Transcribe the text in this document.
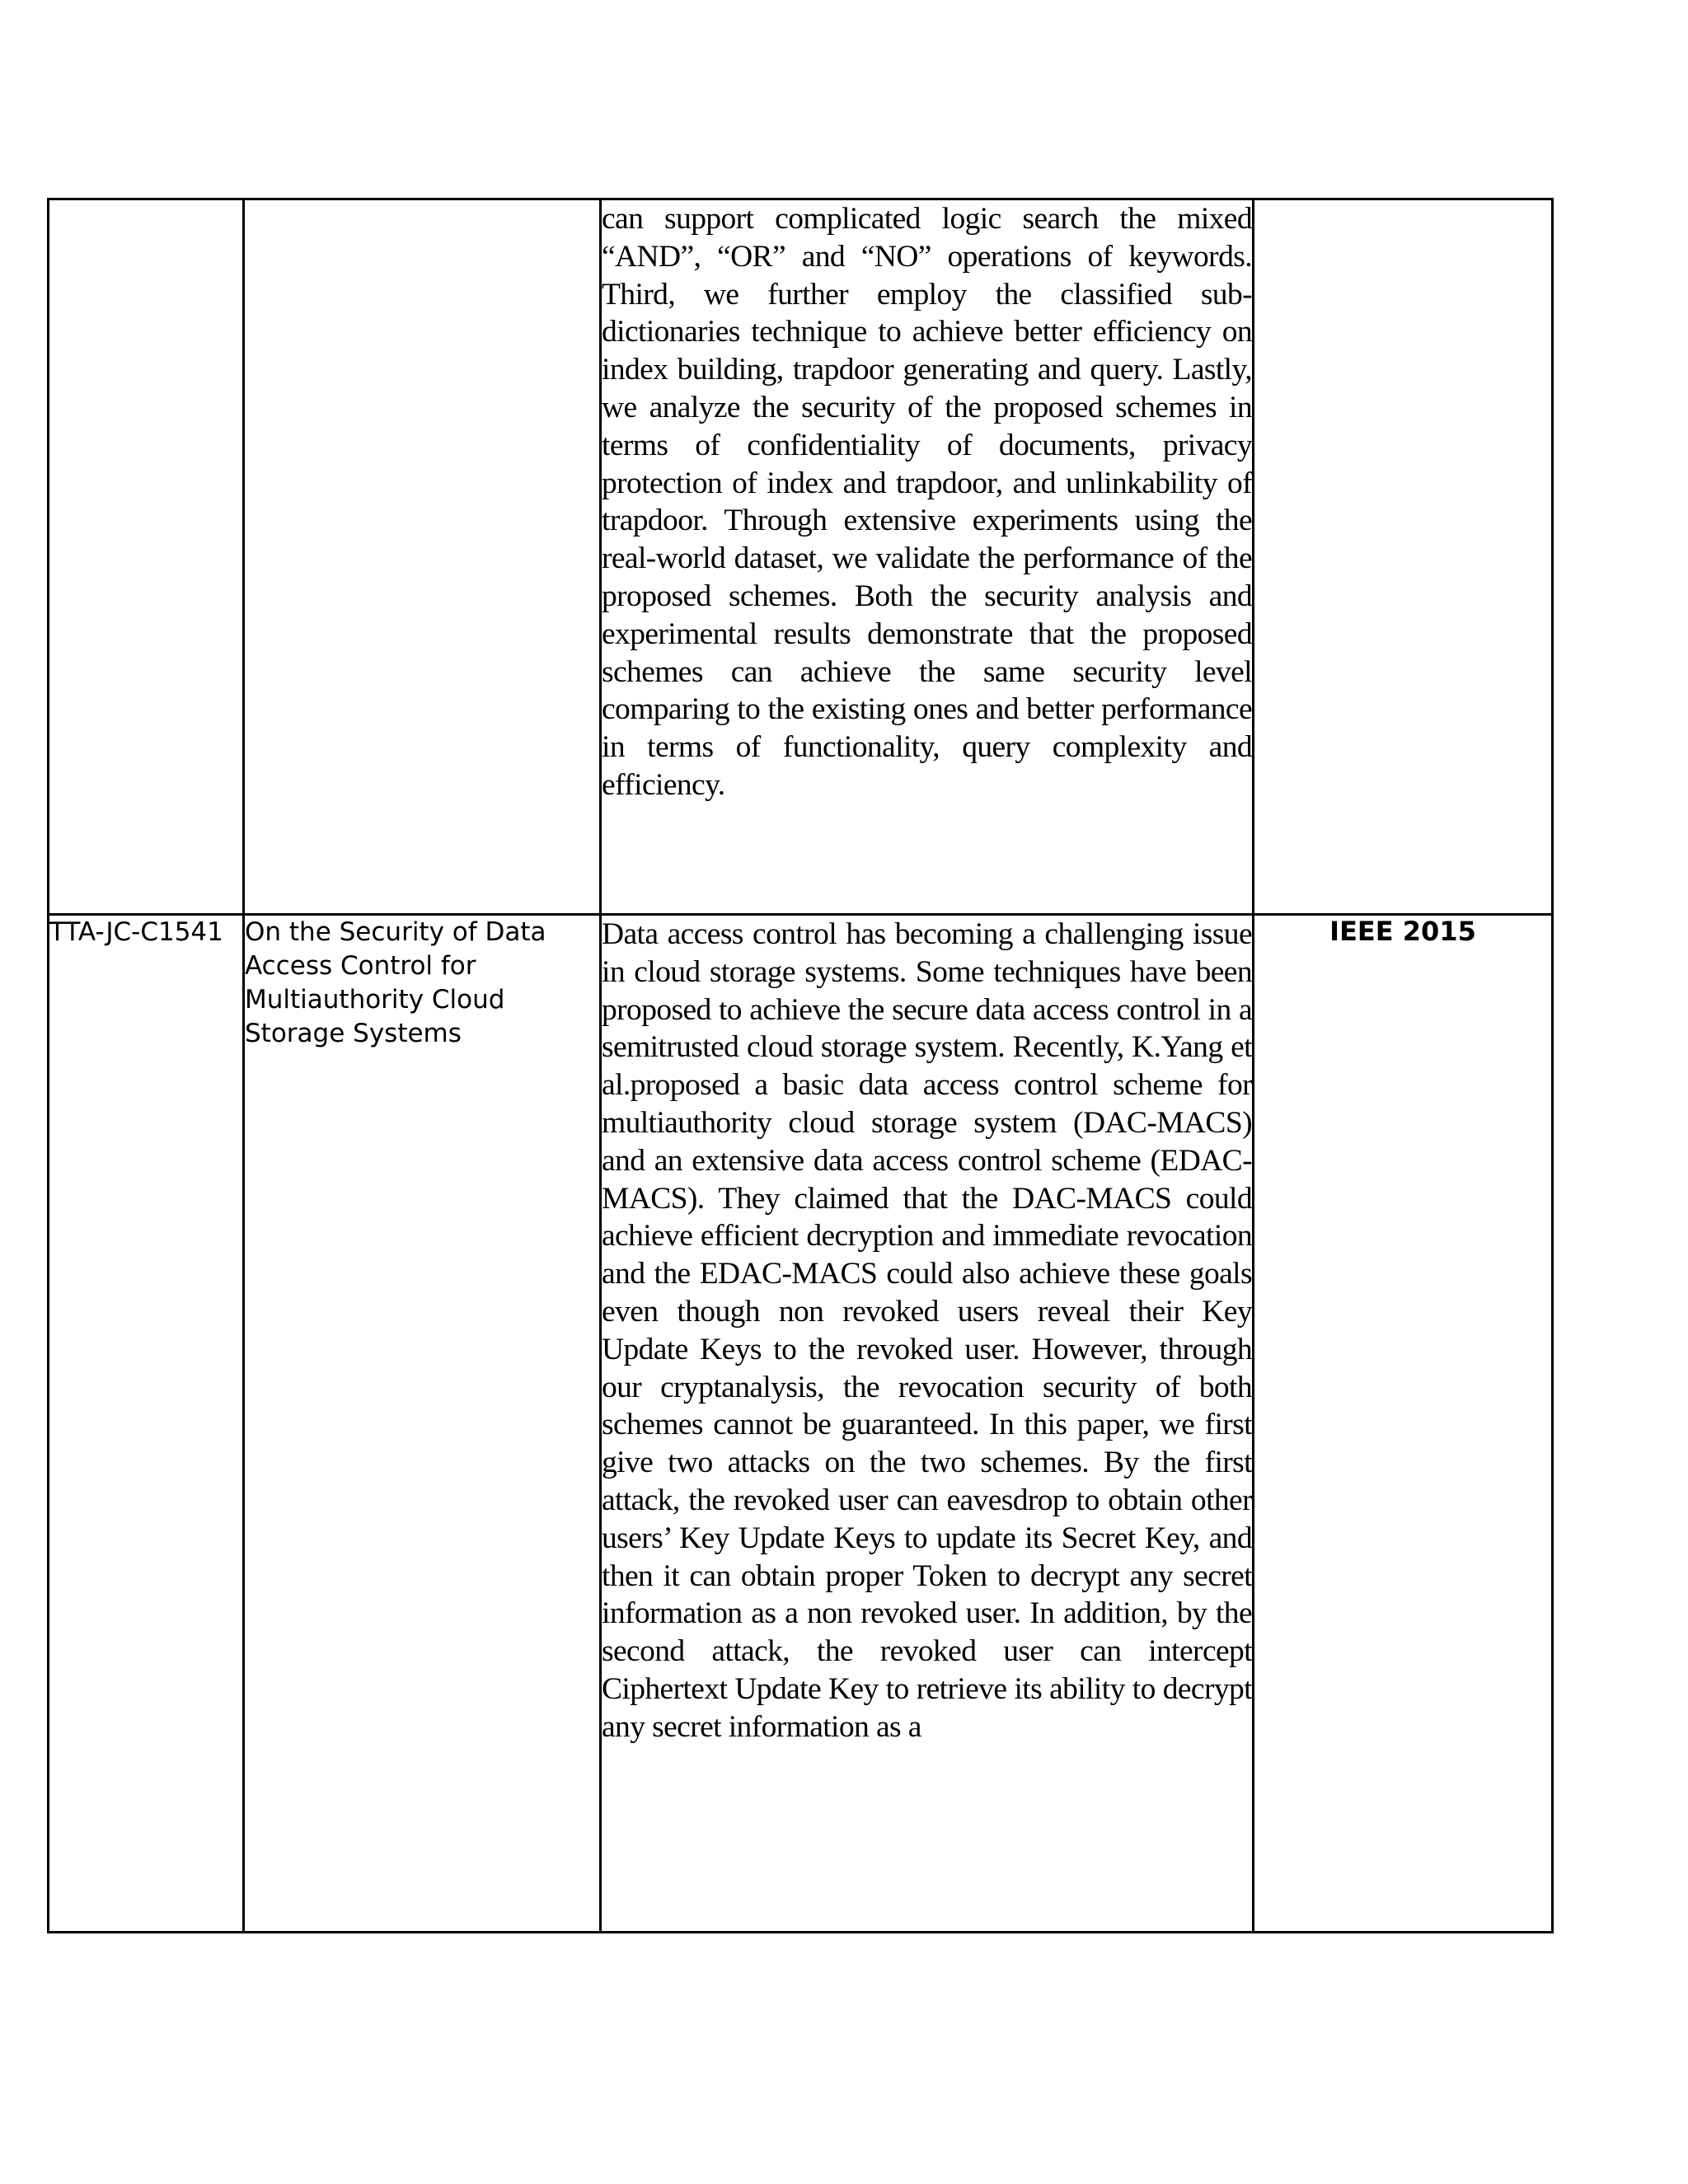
		can support complicated logic search the mixed “AND”, “OR” and “NO” operations of keywords. Third, we further employ the classified sub-dictionaries technique to achieve better efficiency on index building, trapdoor generating and query. Lastly, we analyze the security of the proposed schemes in terms of confidentiality of documents, privacy protection of index and trapdoor, and unlinkability of trapdoor. Through extensive experiments using the real-world dataset, we validate the performance of the proposed schemes. Both the security analysis and experimental results demonstrate that the proposed schemes can achieve the same security level comparing to the existing ones and better performance in terms of functionality, query complexity and efficiency.	
TTA-JC-C1541	On the Security of Data Access Control for Multiauthority Cloud Storage Systems	Data access control has becoming a challenging issue in cloud storage systems. Some techniques have been proposed to achieve the secure data access control in a semitrusted cloud storage system. Recently, K.Yang et al.proposed a basic data access control scheme for multiauthority cloud storage system (DAC-MACS) and an extensive data access control scheme (EDAC-MACS). They claimed that the DAC-MACS could achieve efficient decryption and immediate revocation and the EDAC-MACS could also achieve these goals even though non revoked users reveal their Key Update Keys to the revoked user. However, through our cryptanalysis, the revocation security of both schemes cannot be guaranteed. In this paper, we first give two attacks on the two schemes. By the first attack, the revoked user can eavesdrop to obtain other users’ Key Update Keys to update its Secret Key, and then it can obtain proper Token to decrypt any secret information as a non revoked user. In addition, by the second attack, the revoked user can intercept Ciphertext Update Key to retrieve its ability to decrypt any secret information as a	IEEE 2015
